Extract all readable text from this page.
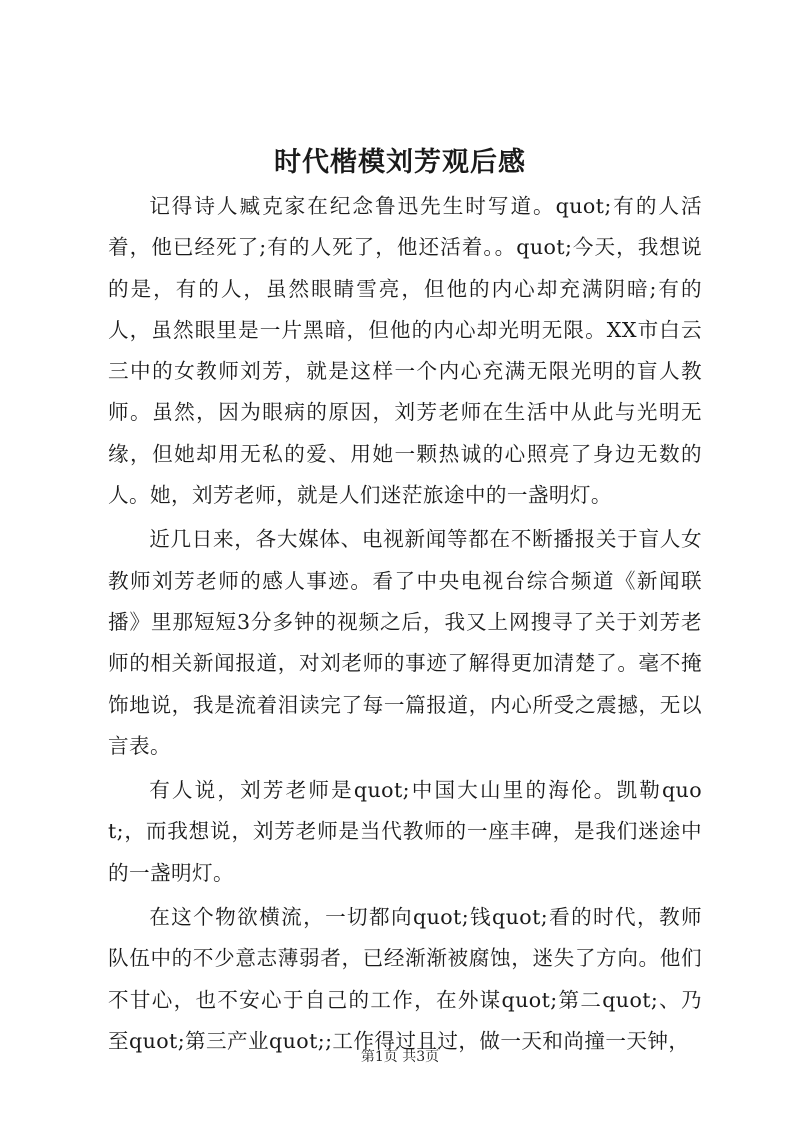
时代楷模刘芳观后感

记得诗人臧克家在纪念鲁迅先生时写道。quot;有的人活着，他已经死了;有的人死了，他还活着。。quot;今天，我想说的是，有的人，虽然眼睛雪亮，但他的内心却充满阴暗;有的人，虽然眼里是一片黑暗，但他的内心却光明无限。XX市白云三中的女教师刘芳，就是这样一个内心充满无限光明的盲人教师。虽然，因为眼病的原因，刘芳老师在生活中从此与光明无缘，但她却用无私的爱、用她一颗热诚的心照亮了身边无数的人。她，刘芳老师，就是人们迷茫旅途中的一盏明灯。

近几日来，各大媒体、电视新闻等都在不断播报关于盲人女教师刘芳老师的感人事迹。看了中央电视台综合频道《新闻联播》里那短短3分多钟的视频之后，我又上网搜寻了关于刘芳老师的相关新闻报道，对刘老师的事迹了解得更加清楚了。毫不掩饰地说，我是流着泪读完了每一篇报道，内心所受之震撼，无以言表。

有人说，刘芳老师是quot;中国大山里的海伦。凯勒quot;，而我想说，刘芳老师是当代教师的一座丰碑，是我们迷途中的一盏明灯。

在这个物欲横流，一切都向quot;钱quot;看的时代，教师队伍中的不少意志薄弱者，已经渐渐被腐蚀，迷失了方向。他们不甘心，也不安心于自己的工作，在外谋quot;第二quot;、乃至quot;第三产业quot;;工作得过且过，做一天和尚撞一天钟，

第1页 共3页
